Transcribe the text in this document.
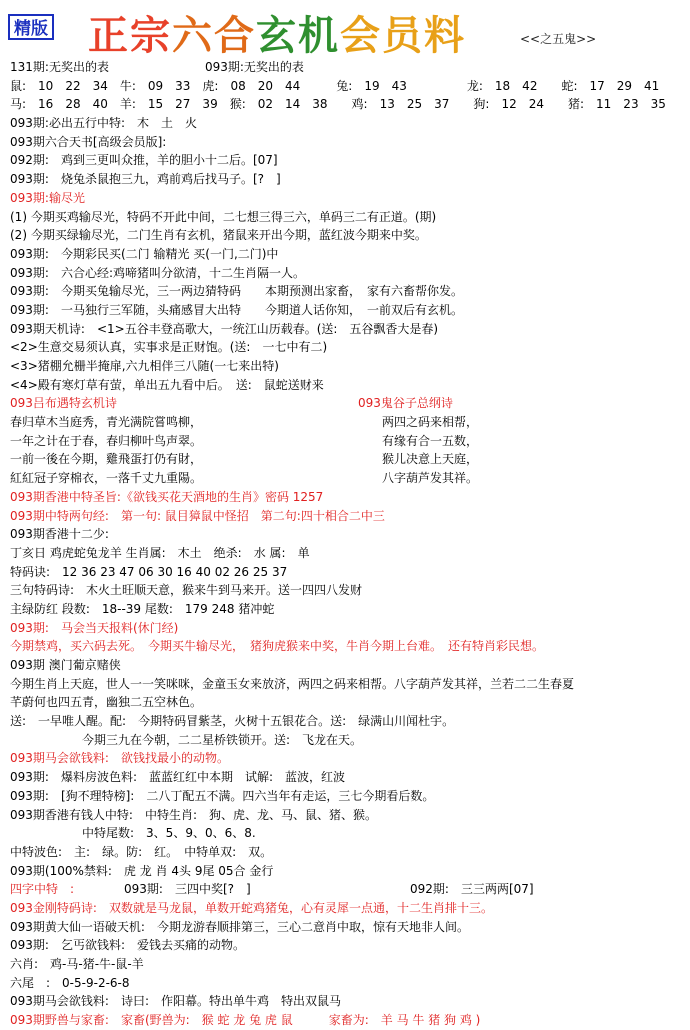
精版 正宗六合玄机会员料	<<之五鬼>>
131期:无奖出的表　　　　　　　　093期:无奖出的表
鼠:　10　22　34　牛:　09　33　虎:　08　20　44　　　兔:　19　43　　　　　龙:　18　42　　蛇:　17　29　41
马:　16　28　40　羊:　15　27　39　猴:　02　14　38　　鸡:　13　25　37　　狗:　12　24　　猪:　11　23　35
093期:必出五行中特:　木　土　火
093期六合天书[高级会员版]:
092期:　鸡到三更叫众推，羊的胆小十二后。[07]
093期:　烧兔杀鼠抱三九，鸡前鸡后找马子。[?　]
093期:输尽光
(1) 今期买鸡输尽光，特码不开此中间，二七想三得三六，单码三二有正道。(期)
(2) 今期买绿输尽光，二门生肖有玄机，猪鼠来开出今期，蓝红波今期来中奖。
093期:　今期彩民买(二门 输精光 买(一门,二门)中
093期:　六合心经:鸡啼猪叫分欲清，十二生肖隔一人。
093期:　今期买兔输尽光，三一两边猜特码　　本期预测出家畜，　家有六畜帮你发。
093期:　一马独行三军随，头痛感冒大出特　　今期道人话你知，　一前双后有玄机。
093期天机诗:　<1>五谷丰登高歌大，一统江山历载春。(送:　五谷飘香大是春)
<2>生意交易须认真，实事求是正财饱。(送:　一七中有二)
<3>猪棚允栅半掩扉,六九相伴三八随(一七来出特)
<4>殿有寒灯草有萤，单出五九看中后。　送:　鼠蛇送财来
093吕布遇特玄机诗	093鬼谷子总纲诗
春归草木当庭秀，青光满院嘗鸣柳，	两四之码来相帮，
一年之计在于春，春归柳叶鸟声翠。	有缘有合一五数，
一前一後在今期，雞飛蛋打仍有財，	猴儿决意上天庭，
紅紅冠子穿棉衣，一落千丈九重陽。	八字葫芦发其祥。
093期香港中特圣旨:《欲钱买花天酒地的生肖》密码 1257
093期中特两句经:　第一句: 鼠目獐鼠中怪招　第二句:四十相合二中三
093期香港十二少:
丁亥日 鸡虎蛇兔龙羊 生肖属:　木土　绝杀:　水 属:　单
特码诀:　12 36 23 47 06 30 16 40 02 26 25 37
三句特码诗:　木火土旺顺天意，猴来牛到马来开。送一四四八发财
主绿防红 段数:　18--39 尾数:　179 248 猪冲蛇
093期:　马会当天报料(休门经)
今期禁鸡，买六码去死。　今期买牛输尽光，　猪狗虎猴来中奖，牛肖今期上台难。　还有特肖彩民想。
093期 澳门葡京赌侠
今期生肖上天庭，世人一一笑咪咪，金童玉女来放济，两四之码来相帮。八字葫芦发其祥，兰若二二生春夏
芊蔚何也四五青，幽独二五空林色。
送:　一早唯人醒。配:　今期特码冒紫茎，火树十五银花合。送:　绿满山川闻杜宇。
　　　　　　今期三九在今朝，二二星桥铁锁开。送:　飞龙在天。
093期马会欲钱料:　欲钱找最小的动物。
093期:　爆料房波色料:　蓝蓝红红中本期　试解:　蓝波，红波
093期:　[狗不理特榜]:　二八丁配五不满。四六当年有走运，三七今期看后数。
093期香港有钱人中特:　中特生肖:　狗、虎、龙、马、鼠、猪、猴。
　　　　　　中特尾数:　3、5、9、0、6、8.
中特波色:　主:　绿。防:　红。　中特单双:　双。
093期(100%禁料:　虎 龙 肖 4头 9尾 05合 金行
四字中特　:　	093期:　三四中奖[?　]	092期:　三三两两[07]
093金刚特码诗:　双数就是马龙鼠，单数开蛇鸡猪兔，心有灵犀一点通，十二生肖排十三。
093期黄大仙一语破天机:　今期龙游春顺排第三，三心二意肖中取，惊有天地非人间。
093期:　乞丐欲钱料:　爱钱去买痛的动物。
六肖:　鸡-马-猪-牛-鼠-羊
六尾　:　0-5-9-2-6-8
093期马会欲钱料:　诗曰:　作阳幕。特出单牛鸡　特出双鼠马
093期野兽与家畜:　家畜(野兽为:　猴 蛇 龙 兔 虎 鼠　　　家畜为:　羊 马 牛 猪 狗 鸡 )
